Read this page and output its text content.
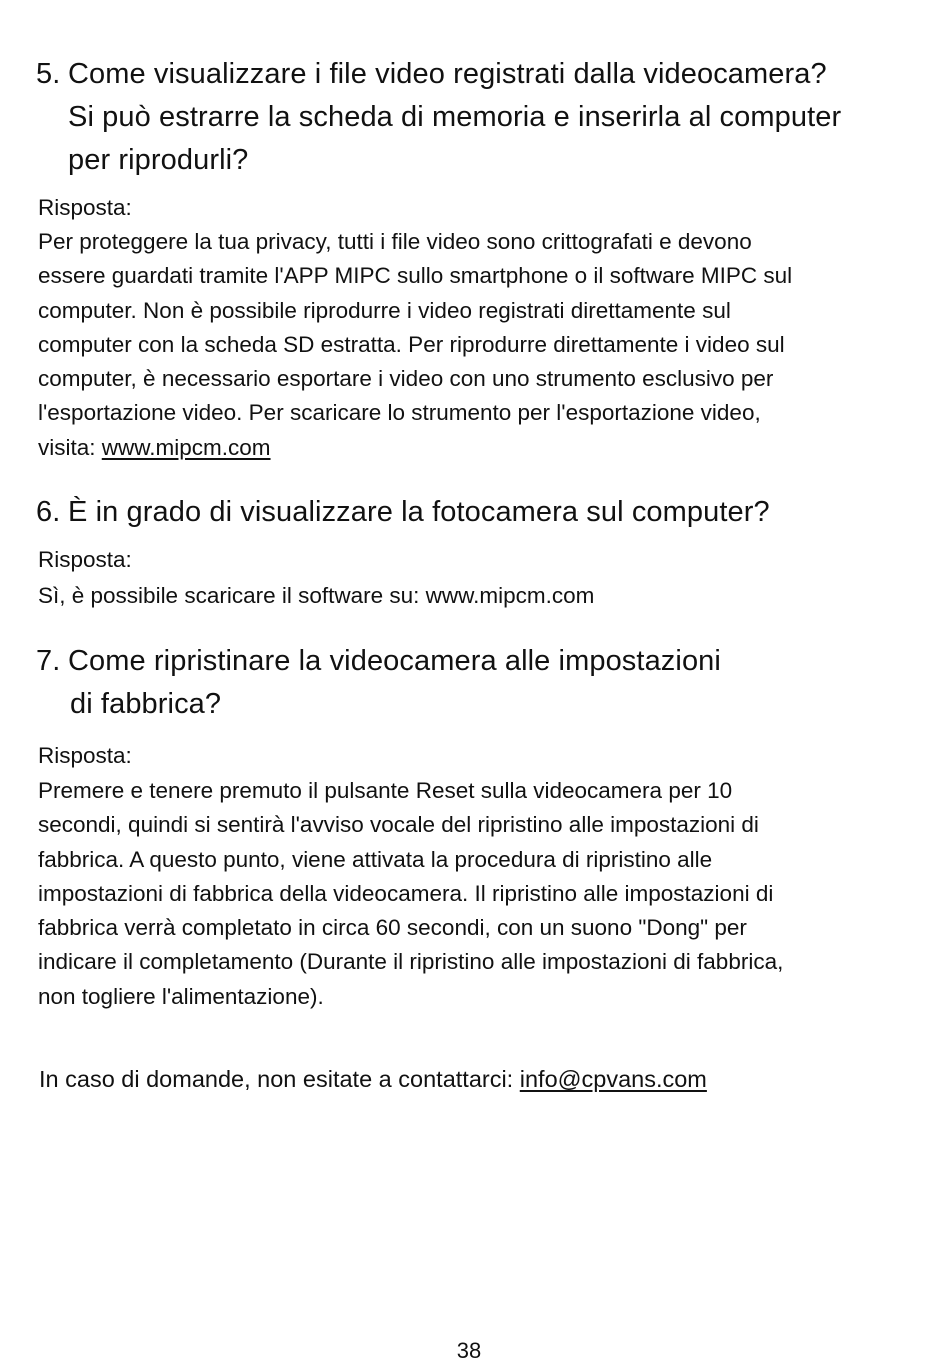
5. Come visualizzare i file video registrati dalla videocamera?
Si può estrarre la scheda di memoria e inserirla al computer
per riprodurli?

Risposta:

Per proteggere la tua privacy, tutti i file video sono crittografati e devono
essere guardati tramite l'APP MIPC sullo smartphone o il software MIPC sul
computer. Non è possibile riprodurre i video registrati direttamente sul
computer con la scheda SD estratta. Per riprodurre direttamente i video sul
computer, è necessario esportare i video con uno strumento esclusivo per
l'esportazione video. Per scaricare lo strumento per l'esportazione video,
visita: www.mipcm.com
6. È in grado di visualizzare la fotocamera sul computer?

Risposta:

Sì, è possibile scaricare il software su: www.mipcm.com
7. Come ripristinare la videocamera alle impostazioni
di fabbrica?

Risposta:

Premere e tenere premuto il pulsante Reset sulla videocamera per 10
secondi, quindi si sentirà l'avviso vocale del ripristino alle impostazioni di
fabbrica. A questo punto, viene attivata la procedura di ripristino alle
impostazioni di fabbrica della videocamera. Il ripristino alle impostazioni di
fabbrica verrà completato in circa 60 secondi, con un suono "Dong" per
indicare il completamento (Durante il ripristino alle impostazioni di fabbrica,
non togliere l'alimentazione).

In caso di domande, non esitate a contattarci: info@cpvans.com

38
